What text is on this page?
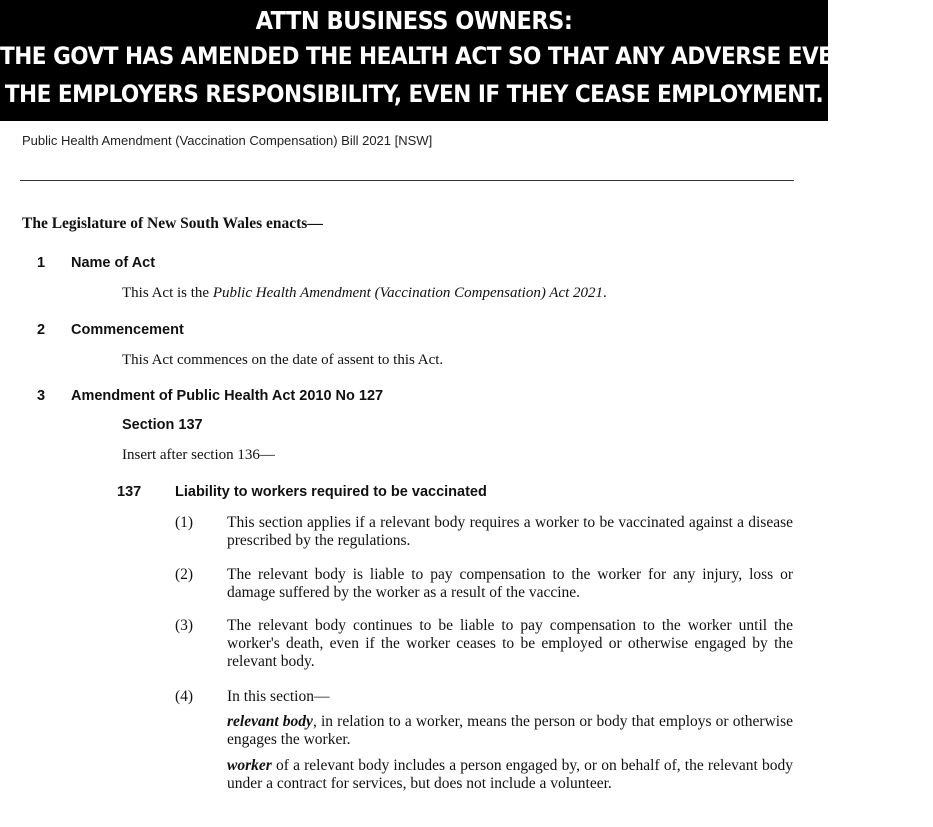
ATTN BUSINESS OWNERS:
THE GOVT HAS AMENDED THE HEALTH ACT SO THAT ANY ADVERSE EVENTS ARE
THE EMPLOYERS RESPONSIBILITY, EVEN IF THEY CEASE EMPLOYMENT.
Public Health Amendment (Vaccination Compensation) Bill 2021 [NSW]
The Legislature of New South Wales enacts—
1 Name of Act
This Act is the Public Health Amendment (Vaccination Compensation) Act 2021.
2 Commencement
This Act commences on the date of assent to this Act.
3 Amendment of Public Health Act 2010 No 127
Section 137
Insert after section 136—
137 Liability to workers required to be vaccinated
(1) This section applies if a relevant body requires a worker to be vaccinated against a disease prescribed by the regulations.
(2) The relevant body is liable to pay compensation to the worker for any injury, loss or damage suffered by the worker as a result of the vaccine.
(3) The relevant body continues to be liable to pay compensation to the worker until the worker's death, even if the worker ceases to be employed or otherwise engaged by the relevant body.
(4) In this section—
relevant body, in relation to a worker, means the person or body that employs or otherwise engages the worker.
worker of a relevant body includes a person engaged by, or on behalf of, the relevant body under a contract for services, but does not include a volunteer.
